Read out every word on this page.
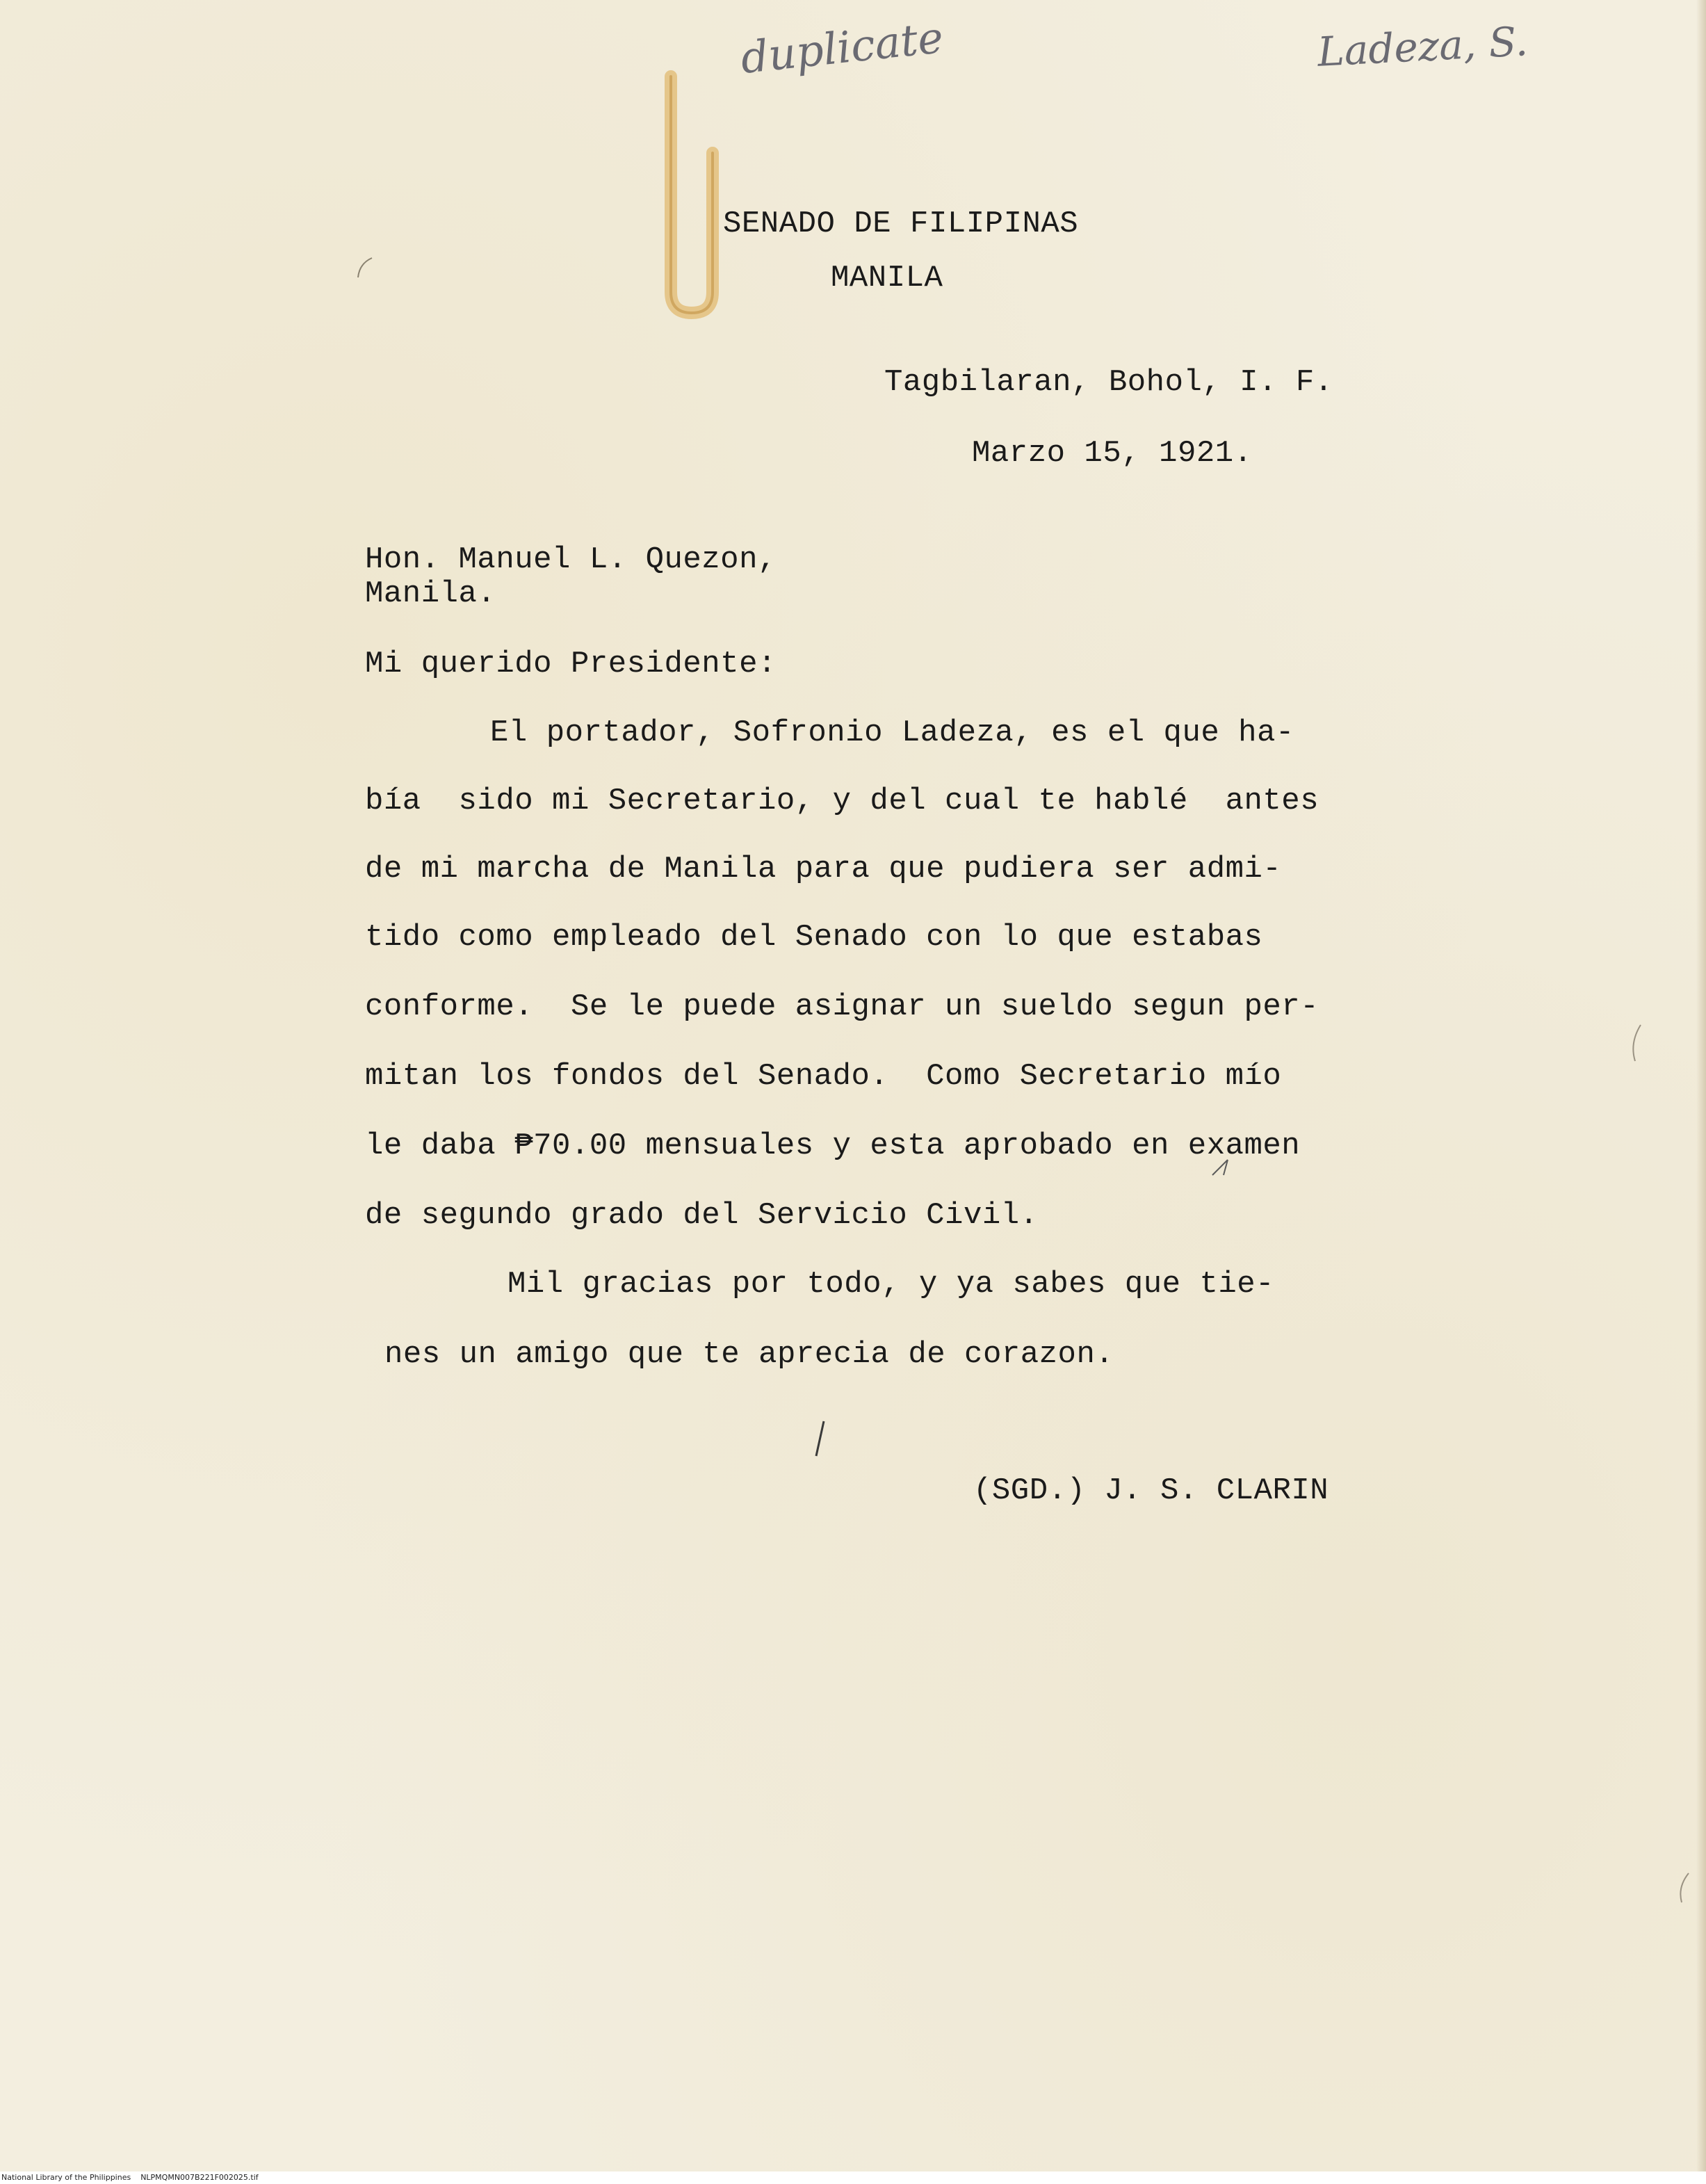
duplicate	Ladeza, S.
SENADO DE FILIPINAS
MANILA
Tagbilaran, Bohol, I. F.
Marzo 15, 1921.
Hon. Manuel L. Quezon,
Manila.
Mi querido Presidente:
El portador, Sofronio Ladeza, es el que ha-
bía  sido mi Secretario, y del cual te hablé  antes
de mi marcha de Manila para que pudiera ser admi-
tido como empleado del Senado con lo que estabas
conforme.  Se le puede asignar un sueldo segun per-
mitan los fondos del Senado.  Como Secretario mío
le daba ₱70.00 mensuales y esta aprobado en examen
de segundo grado del Servicio Civil.
Mil gracias por todo, y ya sabes que tie-
nes un amigo que te aprecia de corazon.
(SGD.) J. S. CLARIN
National Library of the Philippines    NLPMQMN007B221F002025.tif
